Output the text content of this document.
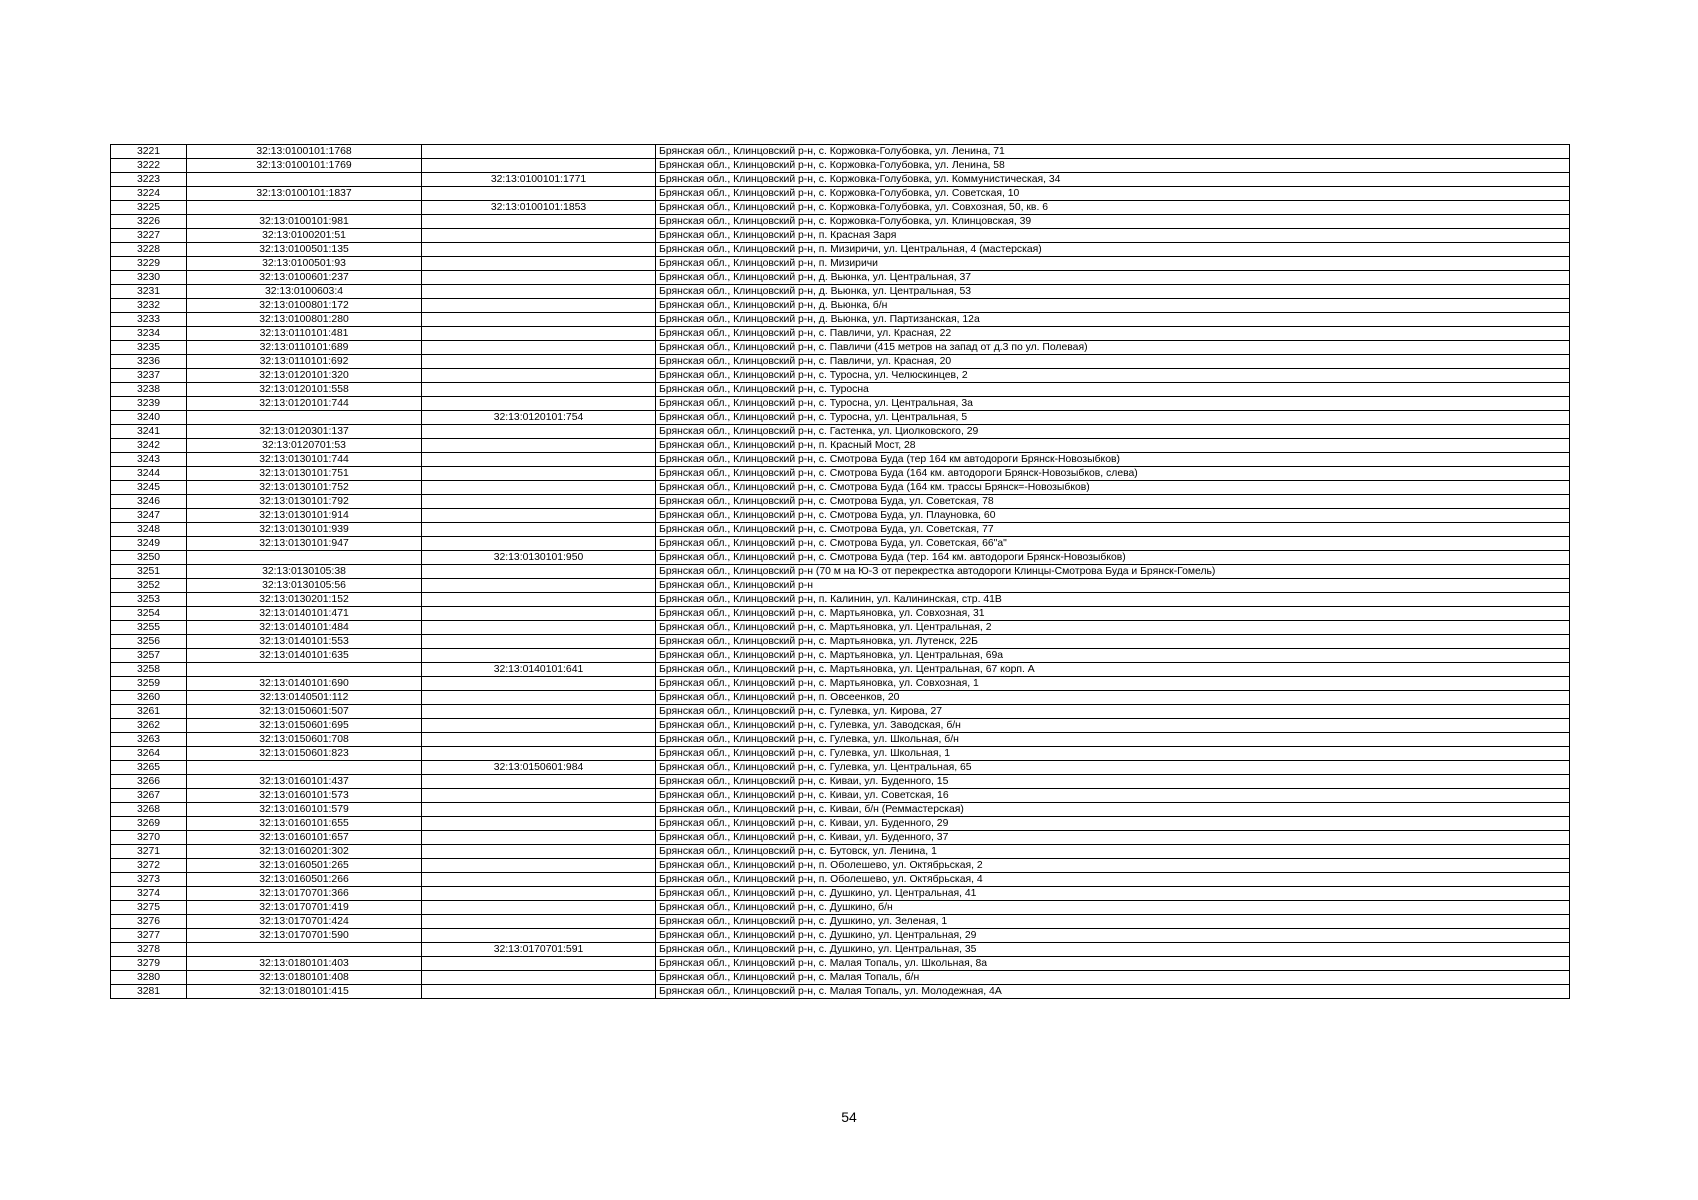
3221	32:13:0100101:1768		Брянская обл., Клинцовский р-н, с. Коржовка-Голубовка, ул. Ленина, 71
3222	32:13:0100101:1769		Брянская обл., Клинцовский р-н, с. Коржовка-Голубовка, ул. Ленина, 58
3223		32:13:0100101:1771	Брянская обл., Клинцовский р-н, с. Коржовка-Голубовка, ул. Коммунистическая, 34
3224	32:13:0100101:1837		Брянская обл., Клинцовский р-н, с. Коржовка-Голубовка, ул. Советская, 10
3225		32:13:0100101:1853	Брянская обл., Клинцовский р-н, с. Коржовка-Голубовка, ул. Совхозная, 50, кв. 6
3226	32:13:0100101:981		Брянская обл., Клинцовский р-н, с. Коржовка-Голубовка, ул. Клинцовская, 39
3227	32:13:0100201:51		Брянская обл., Клинцовский р-н, п. Красная Заря
3228	32:13:0100501:135		Брянская обл., Клинцовский р-н, п. Мизиричи, ул. Центральная, 4 (мастерская)
3229	32:13:0100501:93		Брянская обл., Клинцовский р-н, п. Мизиричи
3230	32:13:0100601:237		Брянская обл., Клинцовский р-н, д. Вьюнка, ул. Центральная, 37
3231	32:13:0100603:4		Брянская обл., Клинцовский р-н, д. Вьюнка, ул. Центральная, 53
3232	32:13:0100801:172		Брянская обл., Клинцовский р-н, д. Вьюнка, б/н
3233	32:13:0100801:280		Брянская обл., Клинцовский р-н, д. Вьюнка, ул. Партизанская, 12а
3234	32:13:0110101:481		Брянская обл., Клинцовский р-н, с. Павличи, ул. Красная, 22
3235	32:13:0110101:689		Брянская обл., Клинцовский р-н, с. Павличи (415 метров на запад от д.3 по ул. Полевая)
3236	32:13:0110101:692		Брянская обл., Клинцовский р-н, с. Павличи, ул. Красная, 20
3237	32:13:0120101:320		Брянская обл., Клинцовский р-н, с. Туросна, ул. Челюскинцев, 2
3238	32:13:0120101:558		Брянская обл., Клинцовский р-н, с. Туросна
3239	32:13:0120101:744		Брянская обл., Клинцовский р-н, с. Туросна, ул. Центральная, 3а
3240		32:13:0120101:754	Брянская обл., Клинцовский р-н, с. Туросна, ул. Центральная, 5
3241	32:13:0120301:137		Брянская обл., Клинцовский р-н, с. Гастенка, ул. Циолковского, 29
3242	32:13:0120701:53		Брянская обл., Клинцовский р-н, п. Красный Мост, 28
3243	32:13:0130101:744		Брянская обл., Клинцовский р-н, с. Смотрова Буда (тер 164 км автодороги Брянск-Новозыбков)
3244	32:13:0130101:751		Брянская обл., Клинцовский р-н, с. Смотрова Буда (164 км. автодороги Брянск-Новозыбков, слева)
3245	32:13:0130101:752		Брянская обл., Клинцовский р-н, с. Смотрова Буда (164 км. трассы Брянск=-Новозыбков)
3246	32:13:0130101:792		Брянская обл., Клинцовский р-н, с. Смотрова Буда, ул. Советская, 78
3247	32:13:0130101:914		Брянская обл., Клинцовский р-н, с. Смотрова Буда, ул. Плауновка, 60
3248	32:13:0130101:939		Брянская обл., Клинцовский р-н, с. Смотрова Буда, ул. Советская, 77
3249	32:13:0130101:947		Брянская обл., Клинцовский р-н, с. Смотрова Буда, ул. Советская, 66"а"
3250		32:13:0130101:950	Брянская обл., Клинцовский р-н, с. Смотрова Буда (тер. 164 км. автодороги Брянск-Новозыбков)
3251	32:13:0130105:38		Брянская обл., Клинцовский р-н (70 м на Ю-З от перекрестка автодороги Клинцы-Смотрова Буда и Брянск-Гомель)
3252	32:13:0130105:56		Брянская обл., Клинцовский р-н
3253	32:13:0130201:152		Брянская обл., Клинцовский р-н, п. Калинин, ул. Калининская, стр. 41В
3254	32:13:0140101:471		Брянская обл., Клинцовский р-н, с. Мартьяновка, ул. Совхозная, 31
3255	32:13:0140101:484		Брянская обл., Клинцовский р-н, с. Мартьяновка, ул. Центральная, 2
3256	32:13:0140101:553		Брянская обл., Клинцовский р-н, с. Мартьяновка, ул. Лутенск, 22Б
3257	32:13:0140101:635		Брянская обл., Клинцовский р-н, с. Мартьяновка, ул. Центральная, 69а
3258		32:13:0140101:641	Брянская обл., Клинцовский р-н, с. Мартьяновка, ул. Центральная, 67 корп. А
3259	32:13:0140101:690		Брянская обл., Клинцовский р-н, с. Мартьяновка, ул. Совхозная, 1
3260	32:13:0140501:112		Брянская обл., Клинцовский р-н, п. Овсеенков, 20
3261	32:13:0150601:507		Брянская обл., Клинцовский р-н, с. Гулевка, ул. Кирова, 27
3262	32:13:0150601:695		Брянская обл., Клинцовский р-н, с. Гулевка, ул. Заводская, б/н
3263	32:13:0150601:708		Брянская обл., Клинцовский р-н, с. Гулевка, ул. Школьная, б/н
3264	32:13:0150601:823		Брянская обл., Клинцовский р-н, с. Гулевка, ул. Школьная, 1
3265		32:13:0150601:984	Брянская обл., Клинцовский р-н, с. Гулевка, ул. Центральная, 65
3266	32:13:0160101:437		Брянская обл., Клинцовский р-н, с. Киваи, ул. Буденного, 15
3267	32:13:0160101:573		Брянская обл., Клинцовский р-н, с. Киваи, ул. Советская, 16
3268	32:13:0160101:579		Брянская обл., Клинцовский р-н, с. Киваи, б/н (Реммастерская)
3269	32:13:0160101:655		Брянская обл., Клинцовский р-н, с. Киваи, ул. Буденного, 29
3270	32:13:0160101:657		Брянская обл., Клинцовский р-н, с. Киваи, ул. Буденного, 37
3271	32:13:0160201:302		Брянская обл., Клинцовский р-н, с. Бутовск, ул. Ленина, 1
3272	32:13:0160501:265		Брянская обл., Клинцовский р-н, п. Оболешево, ул. Октябрьская, 2
3273	32:13:0160501:266		Брянская обл., Клинцовский р-н, п. Оболешево, ул. Октябрьская, 4
3274	32:13:0170701:366		Брянская обл., Клинцовский р-н, с. Душкино, ул. Центральная, 41
3275	32:13:0170701:419		Брянская обл., Клинцовский р-н, с. Душкино, б/н
3276	32:13:0170701:424		Брянская обл., Клинцовский р-н, с. Душкино, ул. Зеленая, 1
3277	32:13:0170701:590		Брянская обл., Клинцовский р-н, с. Душкино, ул. Центральная, 29
3278		32:13:0170701:591	Брянская обл., Клинцовский р-н, с. Душкино, ул. Центральная, 35
3279	32:13:0180101:403		Брянская обл., Клинцовский р-н, с. Малая Топаль, ул. Школьная, 8а
3280	32:13:0180101:408		Брянская обл., Клинцовский р-н, с. Малая Топаль, б/н
3281	32:13:0180101:415		Брянская обл., Клинцовский р-н, с. Малая Топаль, ул. Молодежная, 4А
54
